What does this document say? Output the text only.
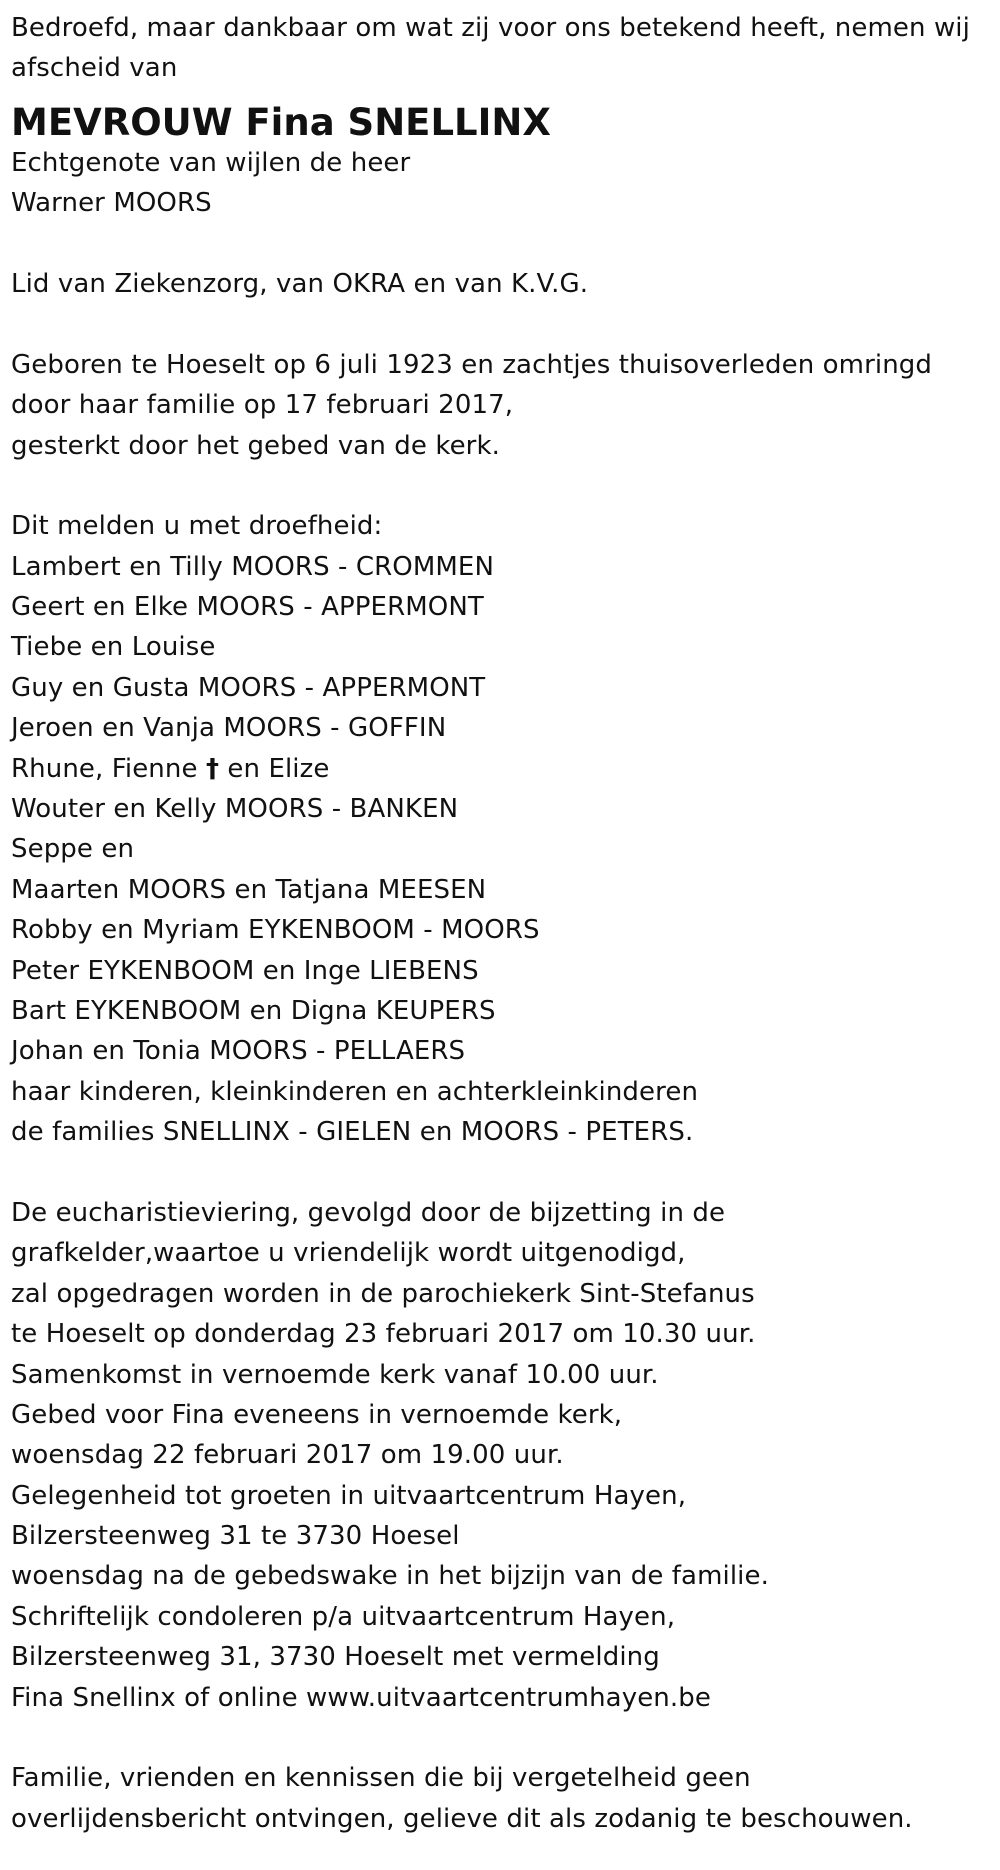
Bedroefd, maar dankbaar om wat zij voor ons betekend heeft, nemen wij
afscheid van
MEVROUW Fina SNELLINX
Echtgenote van wijlen de heer
Warner MOORS
Lid van Ziekenzorg, van OKRA en van K.V.G.
Geboren te Hoeselt op 6 juli 1923 en zachtjes thuisoverleden omringd
door haar familie op 17 februari 2017,
gesterkt door het gebed van de kerk.
Dit melden u met droefheid:
Lambert en Tilly MOORS - CROMMEN
Geert en Elke MOORS - APPERMONT
Tiebe en Louise
Guy en Gusta MOORS - APPERMONT
Jeroen en Vanja MOORS - GOFFIN
Rhune, Fienne † en Elize
Wouter en Kelly MOORS - BANKEN
Seppe en
Maarten MOORS en Tatjana MEESEN
Robby en Myriam EYKENBOOM - MOORS
Peter EYKENBOOM en Inge LIEBENS
Bart EYKENBOOM en Digna KEUPERS
Johan en Tonia MOORS - PELLAERS
haar kinderen, kleinkinderen en achterkleinkinderen
de families SNELLINX - GIELEN en MOORS - PETERS.
De eucharistieviering, gevolgd door de bijzetting in de
grafkelder,waartoe u vriendelijk wordt uitgenodigd,
zal opgedragen worden in de parochiekerk Sint-Stefanus
te Hoeselt op donderdag 23 februari 2017 om 10.30 uur.
Samenkomst in vernoemde kerk vanaf 10.00 uur.
Gebed voor Fina eveneens in vernoemde kerk,
woensdag 22 februari 2017 om 19.00 uur.
Gelegenheid tot groeten in uitvaartcentrum Hayen,
Bilzersteenweg 31 te 3730 Hoesel
woensdag na de gebedswake in het bijzijn van de familie.
Schriftelijk condoleren p/a uitvaartcentrum Hayen,
Bilzersteenweg 31, 3730 Hoeselt met vermelding
Fina Snellinx of online www.uitvaartcentrumhayen.be
Familie, vrienden en kennissen die bij vergetelheid geen
overlijdensbericht ontvingen, gelieve dit als zodanig te beschouwen.
